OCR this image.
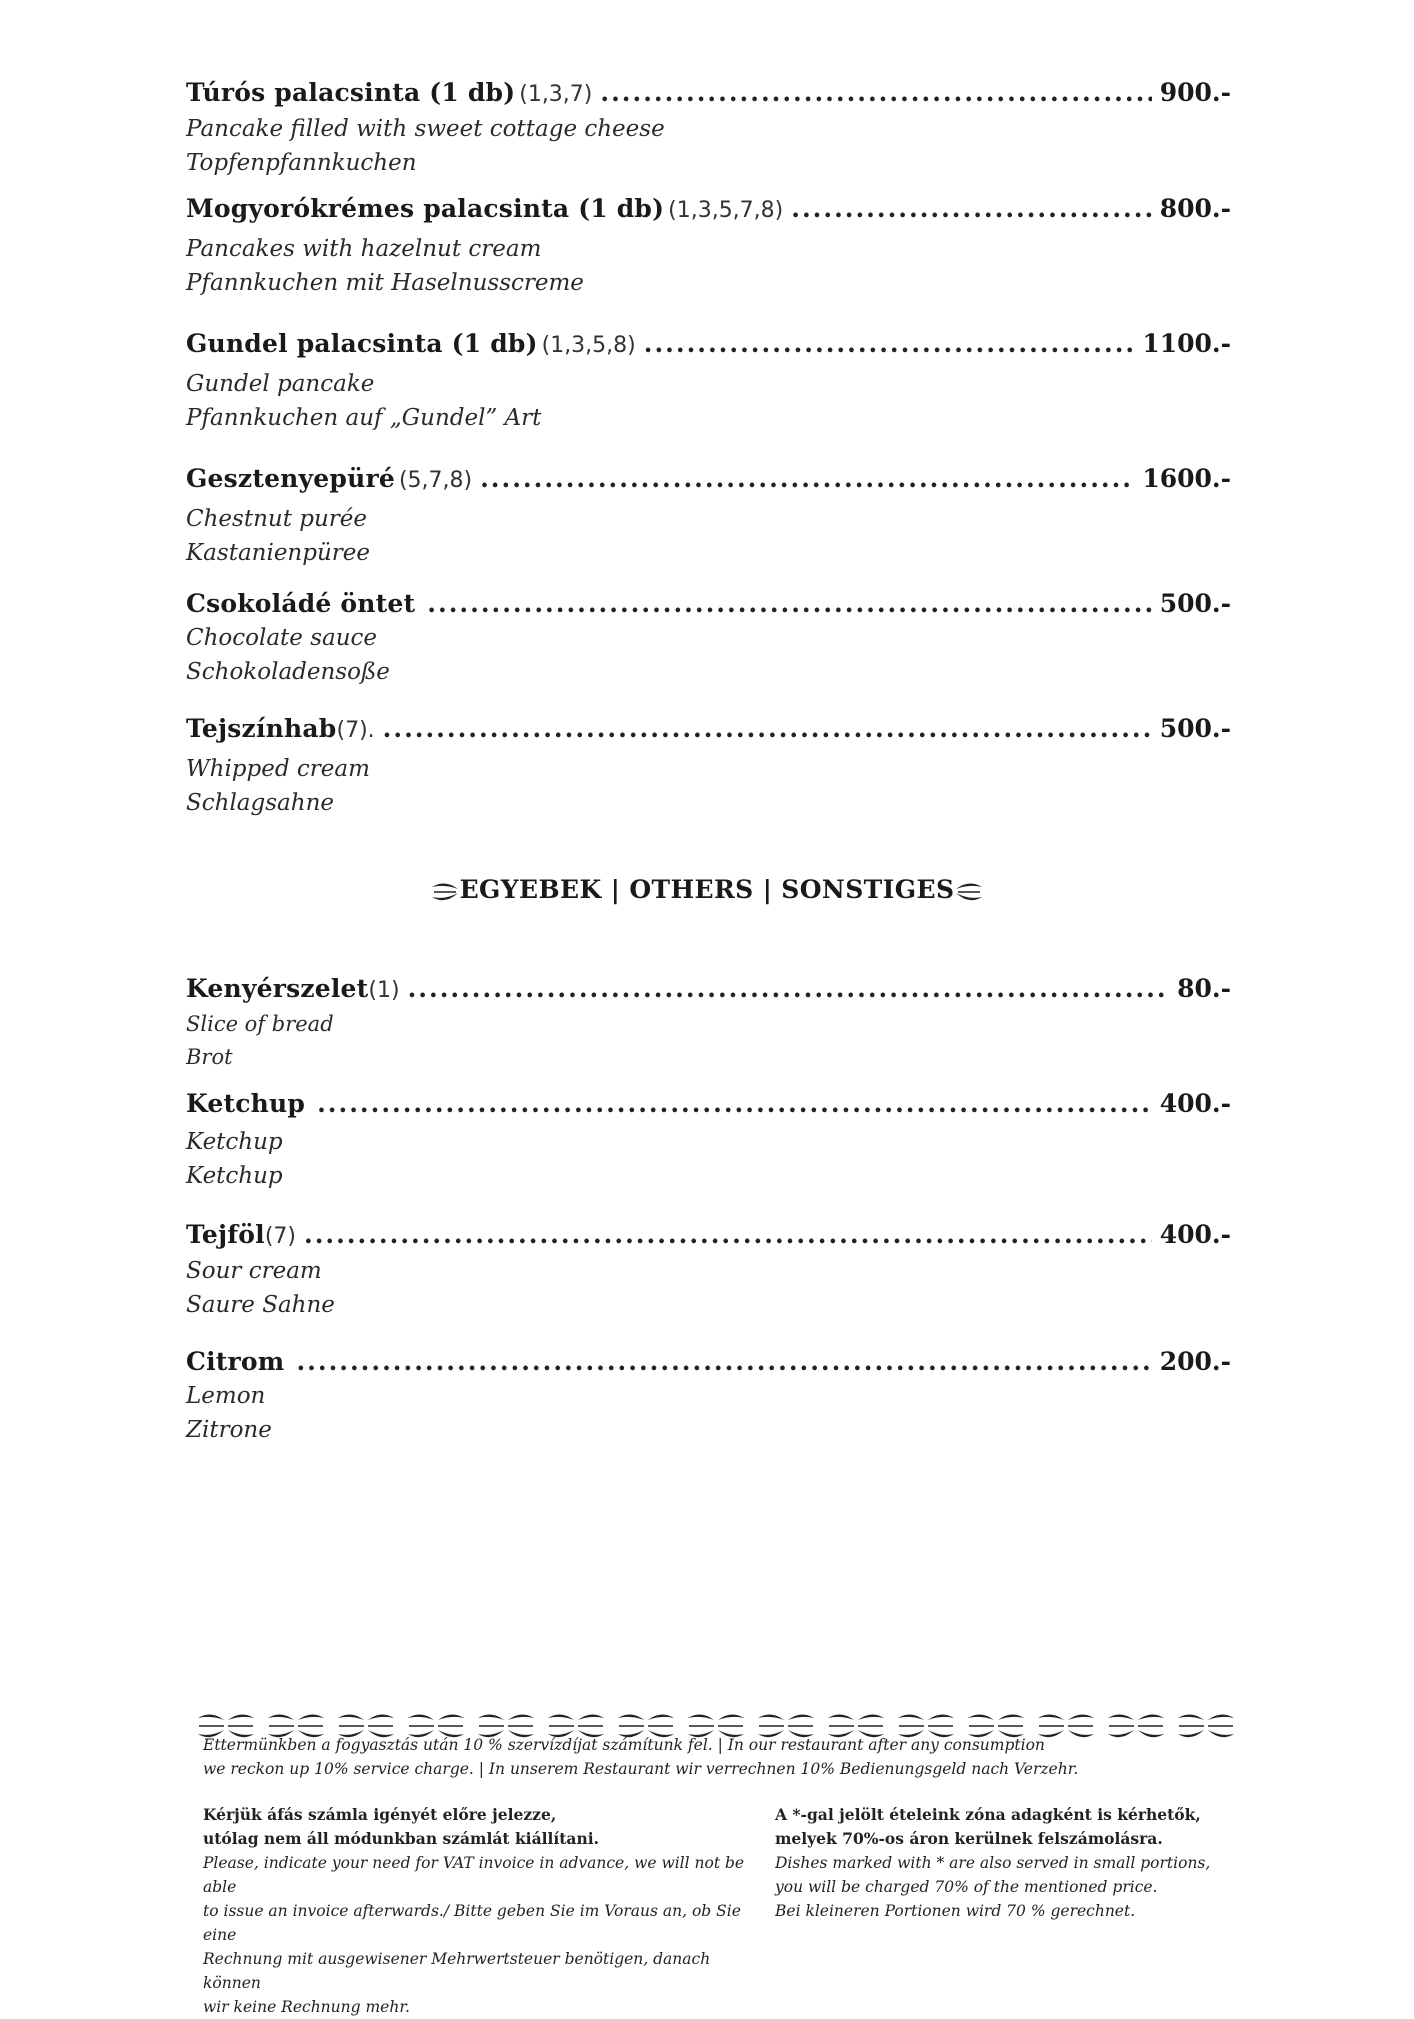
Túrós palacsinta (1 db) (1,3,7) .....	900.-
Pancake filled with sweet cottage cheese
Topfenpfannkuchen
Mogyorókrémes palacsinta (1 db) (1,3,5,7,8) .....	800.-
Pancakes with hazelnut cream
Pfannkuchen mit Haselnusscreme
Gundel palacsinta (1 db) (1,3,5,8) .....	1100.-
Gundel pancake
Pfannkuchen auf „Gundel” Art
Gesztenyepüré (5,7,8) .....	1600.-
Chestnut purée
Kastanienpüree
Csokoládé öntet .....	500.-
Chocolate sauce
Schokoladensoße
Tejszínhab (7). .....	500.-
Whipped cream
Schlagsahne
EGYEBEK | OTHERS | SONSTIGES
Kenyérszelet (1) .....	80.-
Slice of bread
Brot
Ketchup .....	400.-
Ketchup
Ketchup
Tejföl (7) .....	400.-
Sour cream
Saure Sahne
Citrom .....	200.-
Lemon
Zitrone
Éttermünkben a fogyasztás után 10 % szervízdíjat számítunk fel. | In our restaurant after any consumption
we reckon up 10% service charge. | In unserem Restaurant wir verrechnen 10% Bedienungsgeld nach Verzehr.
Kérjük áfás számla igényét előre jelezze,
utólag nem áll módunkban számlát kiállítani.
Please, indicate your need for VAT invoice in advance, we will not be able
to issue an invoice afterwards./ Bitte geben Sie im Voraus an, ob Sie eine
Rechnung mit ausgewisener Mehrwertsteuer benötigen, danach können
wir keine Rechnung mehr.
A *-gal jelölt ételeink zóna adagként is kérhetők,
melyek 70%-os áron kerülnek felszámolásra.
Dishes marked with * are also served in small portions,
you will be charged 70% of the mentioned price.
Bei kleineren Portionen wird 70 % gerechnet.
